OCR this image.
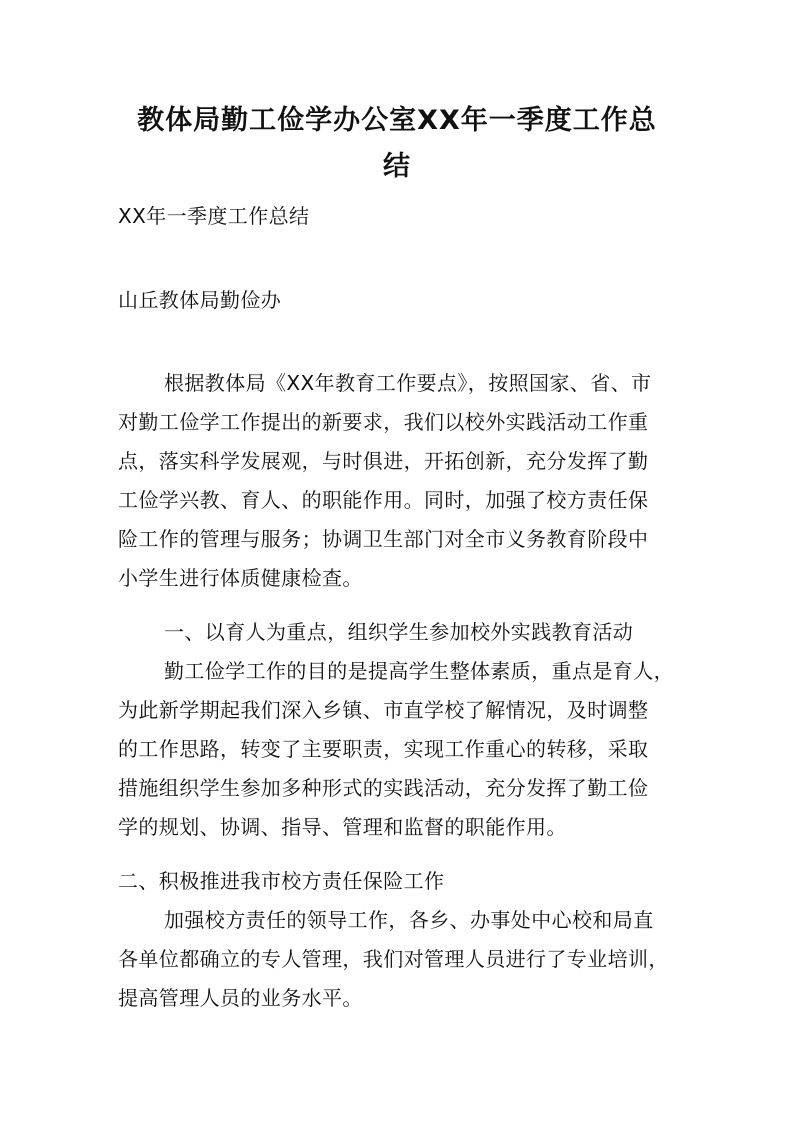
教体局勤工俭学办公室XX年一季度工作总
结
XX年一季度工作总结
山丘教体局勤俭办
根据教体局《XX年教育工作要点》，按照国家、省、市
对勤工俭学工作提出的新要求，我们以校外实践活动工作重
点，落实科学发展观，与时俱进，开拓创新，充分发挥了勤
工俭学兴教、育人、的职能作用。同时，加强了校方责任保
险工作的管理与服务；协调卫生部门对全市义务教育阶段中
小学生进行体质健康检查。
一、以育人为重点，组织学生参加校外实践教育活动
勤工俭学工作的目的是提高学生整体素质，重点是育人，
为此新学期起我们深入乡镇、市直学校了解情况，及时调整
的工作思路，转变了主要职责，实现工作重心的转移，采取
措施组织学生参加多种形式的实践活动，充分发挥了勤工俭
学的规划、协调、指导、管理和监督的职能作用。
二、积极推进我市校方责任保险工作
加强校方责任的领导工作，各乡、办事处中心校和局直
各单位都确立的专人管理，我们对管理人员进行了专业培训，
提高管理人员的业务水平。
